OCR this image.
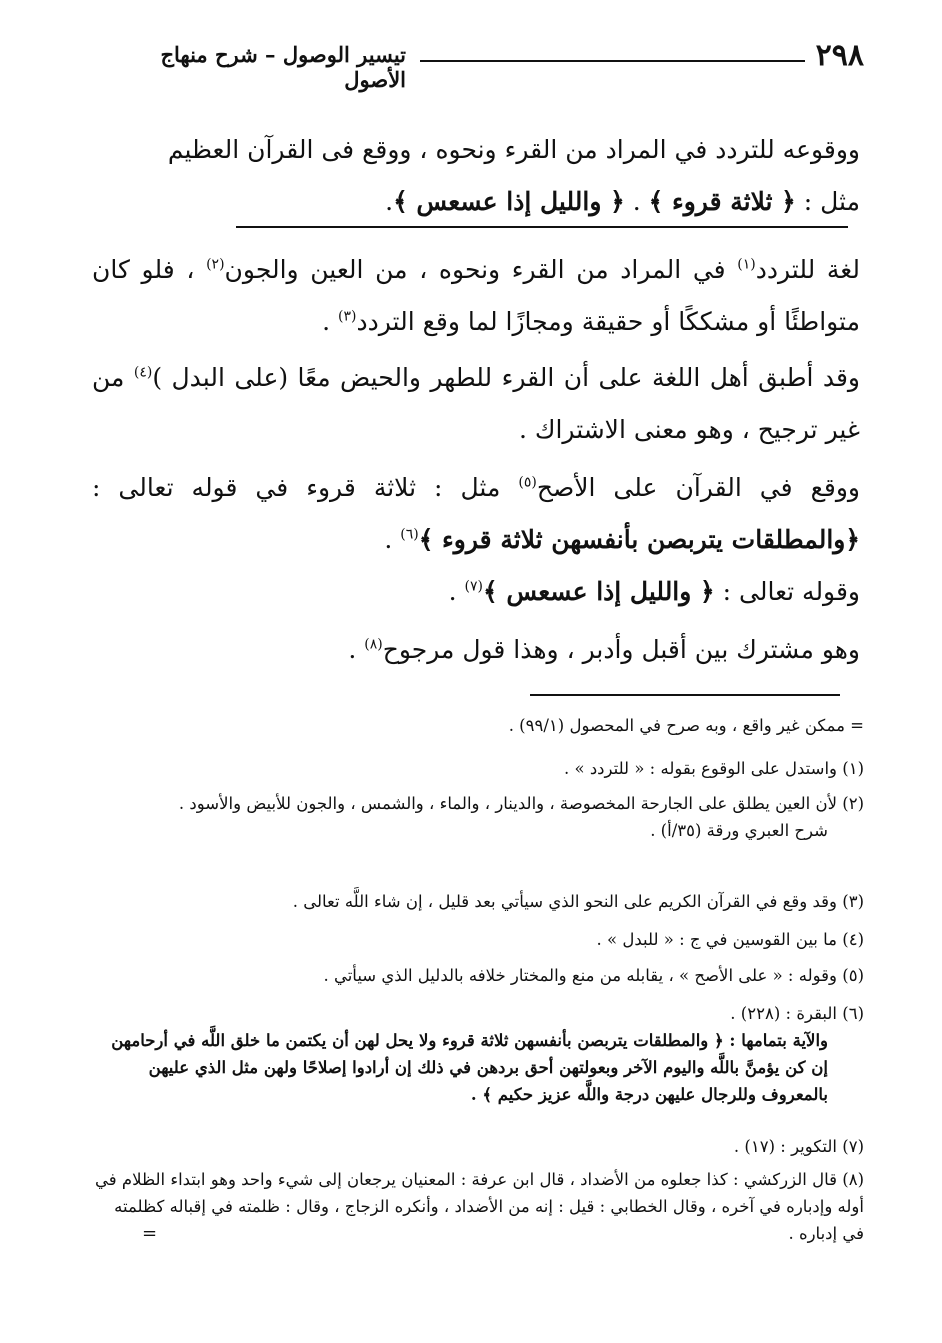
٢٩٨
تيسير الوصول – شرح منهاج الأصول
ووقوعه للتردد في المراد من القرء ونحوه ، ووقع فى القرآن العظيم
مثل : ﴿ ثلاثة قروء ﴾ . ﴿ والليل إذا عسعس ﴾.
لغة للتردد$^{(١)}$ في المراد من القرء ونحوه ، من العين والجون$^{(٢)}$ ، فلو كان متواطئًا أو مشككًا أو حقيقة ومجازًا لما وقع التردد$^{(٣)}$ .
وقد أطبق أهل اللغة على أن القرء للطهر والحيض معًا (على البدل )$^{(٤)}$ من غير ترجيح ، وهو معنى الاشتراك .
ووقع في القرآن على الأصح$^{(٥)}$ مثل : ثلاثة قروء في قوله تعالى : ﴿والمطلقات يتربصن بأنفسهن ثلاثة قروء ﴾$^{(٦)}$ .
وقوله تعالى : ﴿ والليل إذا عسعس ﴾$^{(٧)}$ .
وهو مشترك بين أقبل وأدبر ، وهذا قول مرجوح$^{(٨)}$ .
= ممكن غير واقع ، وبه صرح في المحصول (٩٩/١) .
(١) واستدل على الوقوع بقوله : « للتردد » .
(٢) لأن العين يطلق على الجارحة المخصوصة ، والدينار ، والماء ، والشمس ، والجون للأبيض والأسود .
شرح العبري ورقة (٣٥/أ) .
(٣) وقد وقع في القرآن الكريم على النحو الذي سيأتي بعد قليل ، إن شاء اللَّه تعالى .
(٤) ما بين القوسين في ج : « للبدل » .
(٥) وقوله : « على الأصح » ، يقابله من منع والمختار خلافه بالدليل الذي سيأتي .
(٦) البقرة : (٢٢٨) .
والآية بتمامها : ﴿ والمطلقات يتربصن بأنفسهن ثلاثة قروء ولا يحل لهن أن يكتمن ما خلق اللَّه في أرحامهن إن كن يؤمنَّ باللَّه واليوم الآخر وبعولتهن أحق بردهن في ذلك إن أرادوا إصلاحًا ولهن مثل الذي عليهن بالمعروف وللرجال عليهن درجة واللَّه عزيز حكيم ﴾ .
(٧) التكوير : (١٧) .
(٨) قال الزركشي : كذا جعلوه من الأضداد ، قال ابن عرفة : المعنيان يرجعان إلى شيء واحد وهو ابتداء الظلام في أوله وإدباره في آخره ، وقال الخطابي : قيل : إنه من الأضداد ، وأنكره الزجاج ، وقال : ظلمته في إقباله كظلمته في إدباره .
=
